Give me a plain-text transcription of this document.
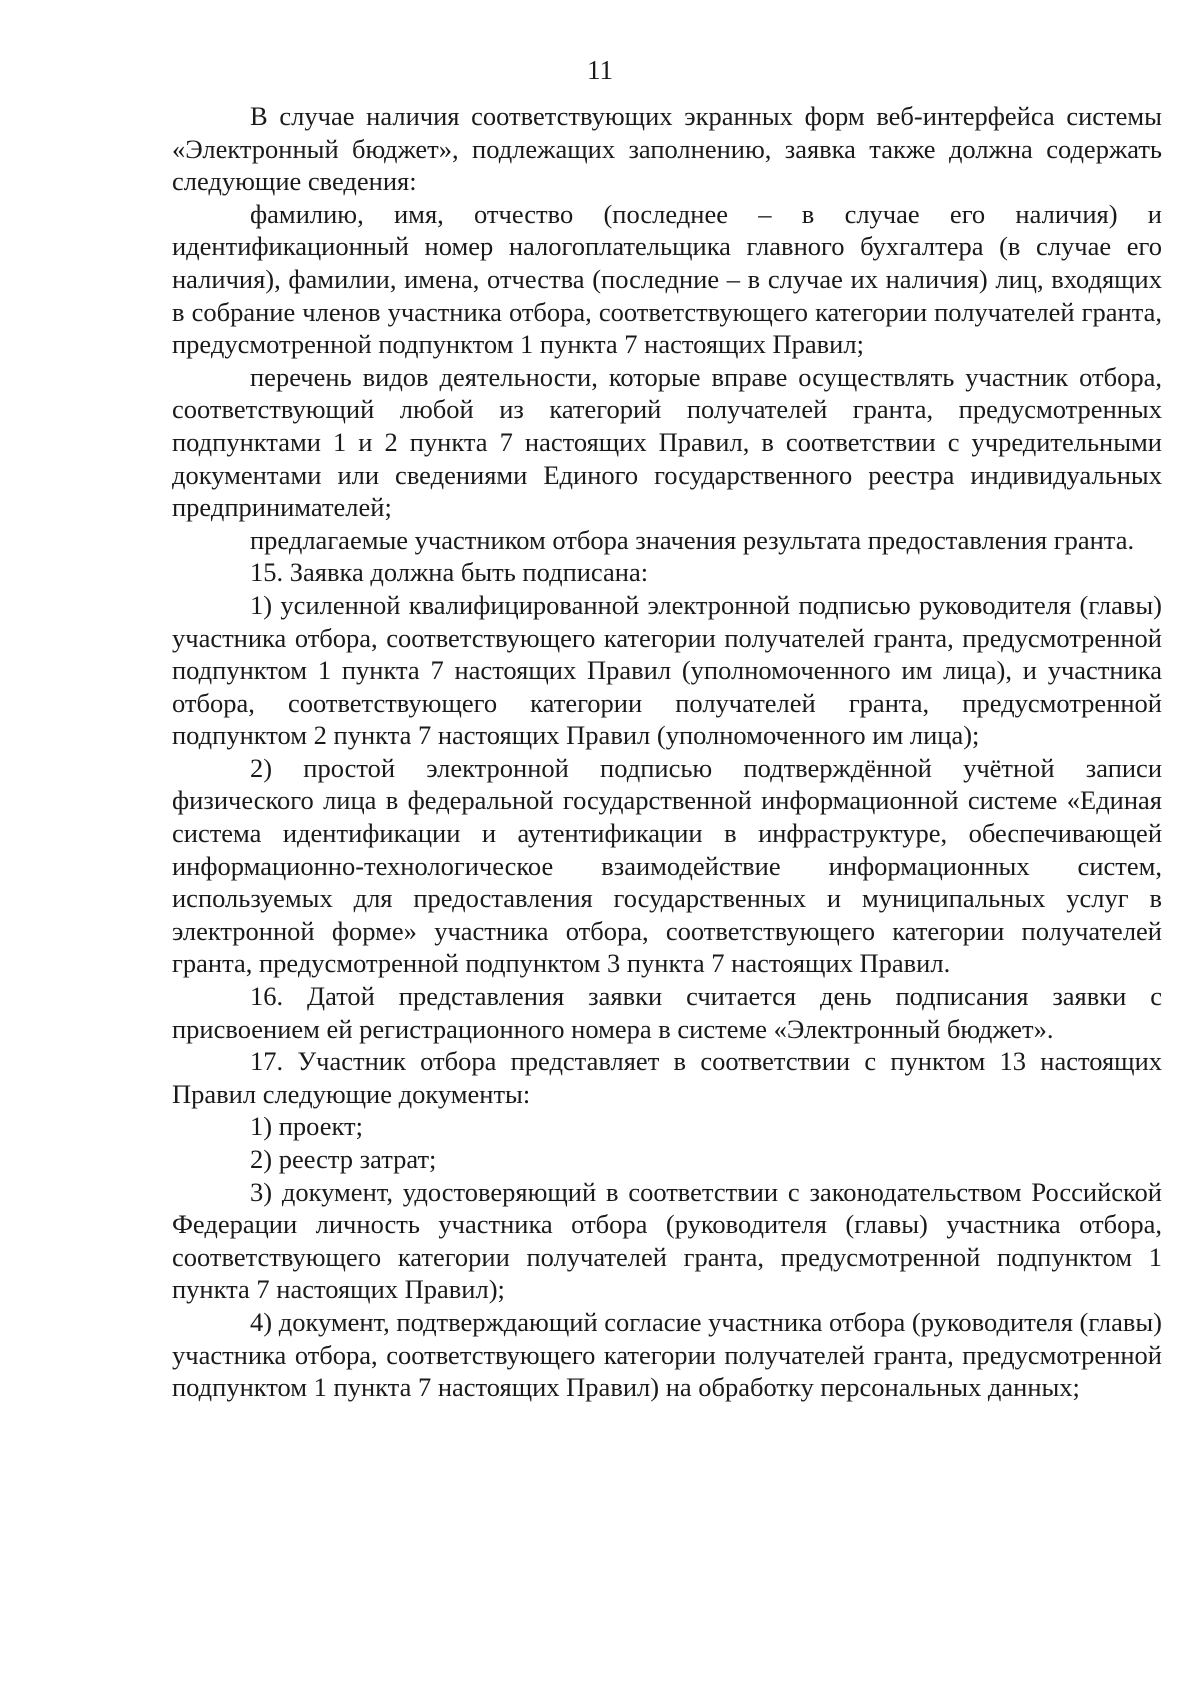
11

В случае наличия соответствующих экранных форм веб-интерфейса системы «Электронный бюджет», подлежащих заполнению, заявка также должна содержать следующие сведения:

фамилию, имя, отчество (последнее – в случае его наличия) и идентификационный номер налогоплательщика главного бухгалтера (в случае его наличия), фамилии, имена, отчества (последние – в случае их наличия) лиц, входящих в собрание членов участника отбора, соответствующего категории получателей гранта, предусмотренной подпунктом 1 пункта 7 настоящих Правил;

перечень видов деятельности, которые вправе осуществлять участник отбора, соответствующий любой из категорий получателей гранта, предусмотренных подпунктами 1 и 2 пункта 7 настоящих Правил, в соответствии с учредительными документами или сведениями Единого государственного реестра индивидуальных предпринимателей;

предлагаемые участником отбора значения результата предоставления гранта.

15. Заявка должна быть подписана:

1) усиленной квалифицированной электронной подписью руководителя (главы) участника отбора, соответствующего категории получателей гранта, предусмотренной подпунктом 1 пункта 7 настоящих Правил (уполномоченного им лица), и участника отбора, соответствующего категории получателей гранта, предусмотренной подпунктом 2 пункта 7 настоящих Правил (уполномоченного им лица);

2) простой электронной подписью подтверждённой учётной записи физического лица в федеральной государственной информационной системе «Единая система идентификации и аутентификации в инфраструктуре, обеспечивающей информационно-технологическое взаимодействие информационных систем, используемых для предоставления государственных и муниципальных услуг в электронной форме» участника отбора, соответствующего категории получателей гранта, предусмотренной подпунктом 3 пункта 7 настоящих Правил.

16. Датой представления заявки считается день подписания заявки с присвоением ей регистрационного номера в системе «Электронный бюджет».

17. Участник отбора представляет в соответствии с пунктом 13 настоящих Правил следующие документы:

1) проект;

2) реестр затрат;

3) документ, удостоверяющий в соответствии с законодательством Российской Федерации личность участника отбора (руководителя (главы) участника отбора, соответствующего категории получателей гранта, предусмотренной подпунктом 1 пункта 7 настоящих Правил);

4) документ, подтверждающий согласие участника отбора (руководителя (главы) участника отбора, соответствующего категории получателей гранта, предусмотренной подпунктом 1 пункта 7 настоящих Правил) на обработку персональных данных;
